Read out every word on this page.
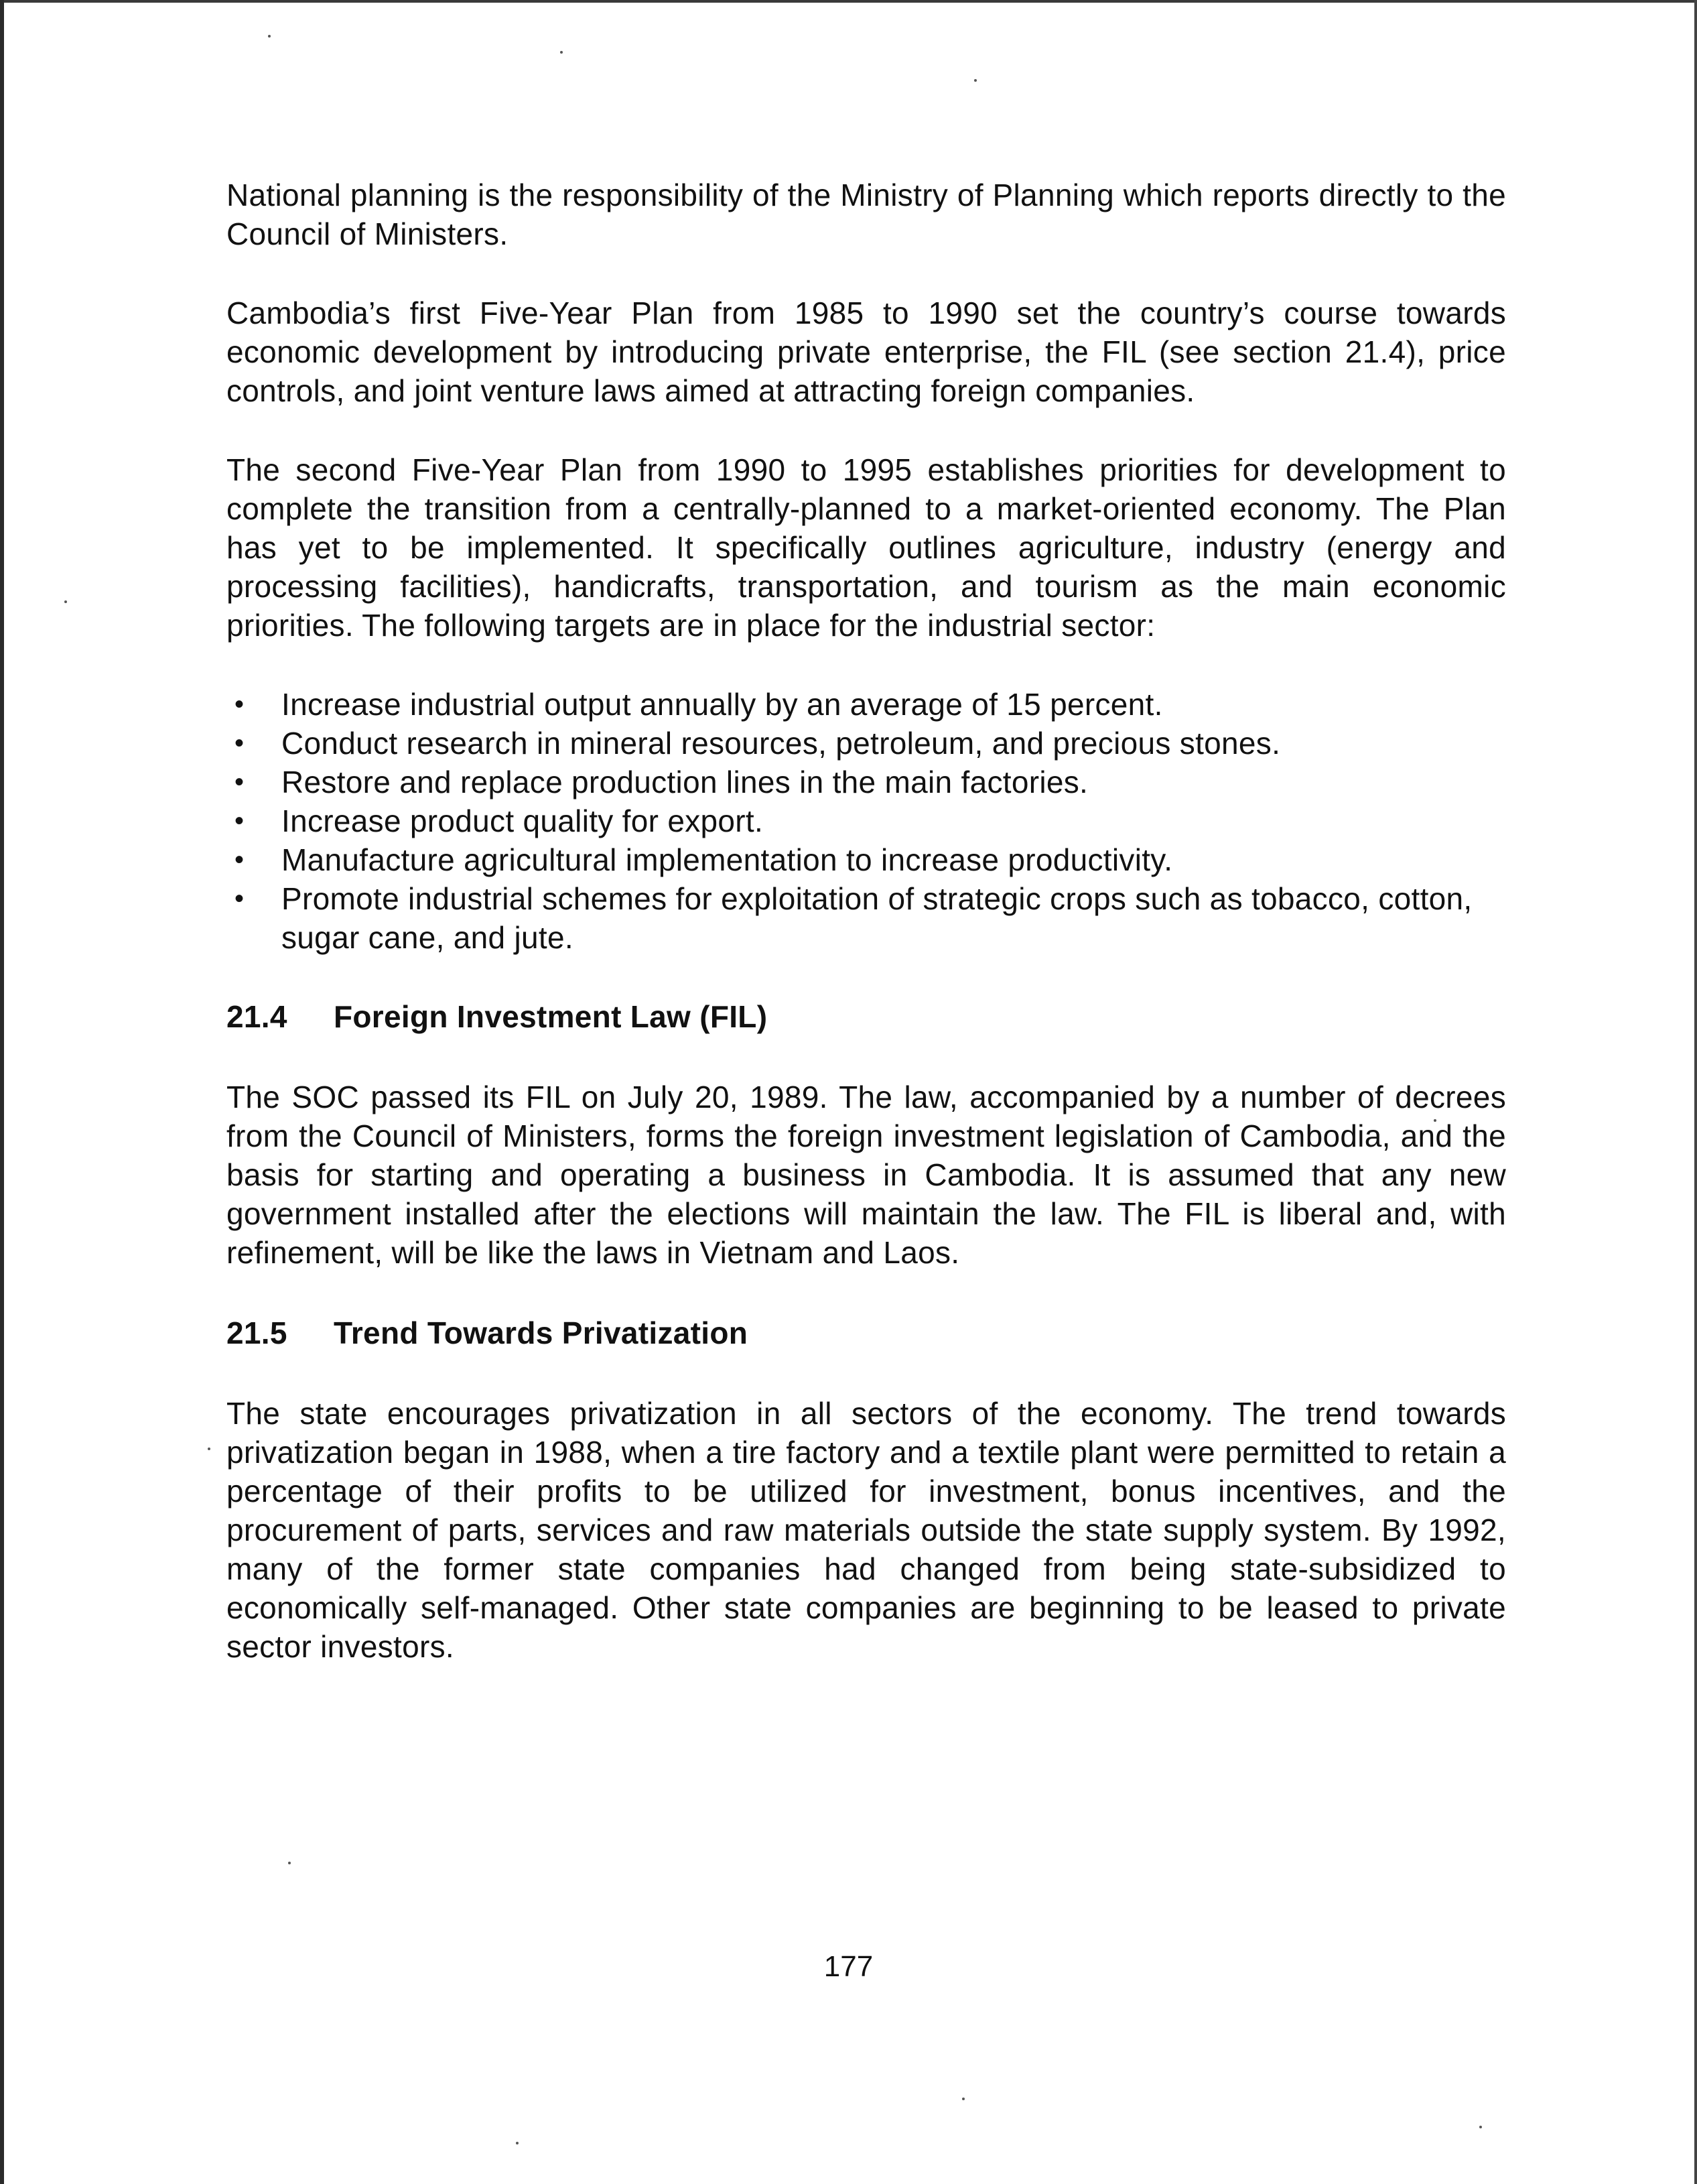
National planning is the responsibility of the Ministry of Planning which reports directly to the Council of Ministers.

Cambodia’s first Five-Year Plan from 1985 to 1990 set the country’s course towards economic development by introducing private enterprise, the FIL (see section 21.4), price controls, and joint venture laws aimed at attracting foreign companies.

The second Five-Year Plan from 1990 to 1995 establishes priorities for development to complete the transition from a centrally-planned to a market-oriented economy. The Plan has yet to be implemented. It specifically outlines agriculture, industry (energy and processing facilities), handicrafts, transportation, and tourism as the main economic priorities. The following targets are in place for the industrial sector:

• Increase industrial output annually by an average of 15 percent.
• Conduct research in mineral resources, petroleum, and precious stones.
• Restore and replace production lines in the main factories.
• Increase product quality for export.
• Manufacture agricultural implementation to increase productivity.
• Promote industrial schemes for exploitation of strategic crops such as tobacco, cotton, sugar cane, and jute.
21.4 Foreign Investment Law (FIL)

The SOC passed its FIL on July 20, 1989. The law, accompanied by a number of decrees from the Council of Ministers, forms the foreign investment legislation of Cambodia, and the basis for starting and operating a business in Cambodia. It is assumed that any new government installed after the elections will maintain the law. The FIL is liberal and, with refinement, will be like the laws in Vietnam and Laos.

21.5 Trend Towards Privatization

The state encourages privatization in all sectors of the economy. The trend towards privatization began in 1988, when a tire factory and a textile plant were permitted to retain a percentage of their profits to be utilized for investment, bonus incentives, and the procurement of parts, services and raw materials outside the state supply system. By 1992, many of the former state companies had changed from being state-subsidized to economically self-managed. Other state companies are beginning to be leased to private sector investors.

177
